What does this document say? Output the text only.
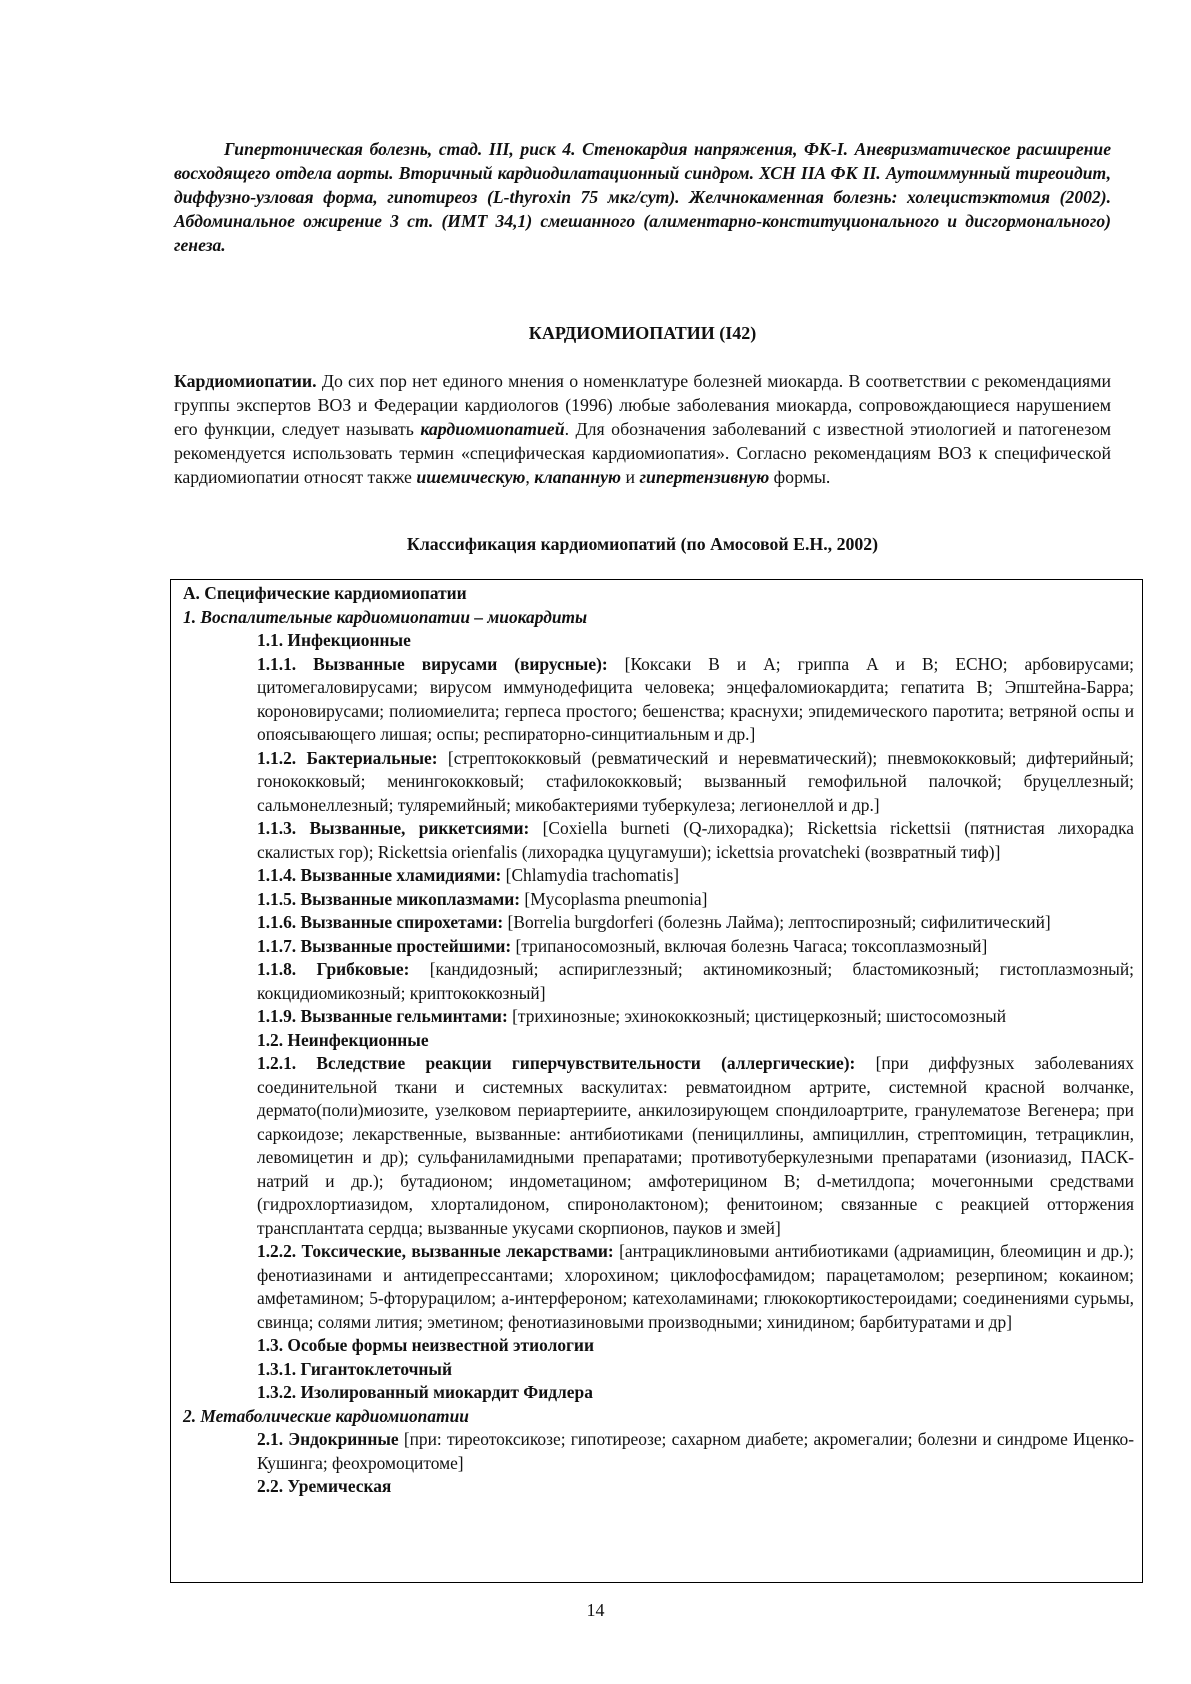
Гипертоническая болезнь, стад. III, риск 4. Стенокардия напряжения, ФК-I. Аневризматическое расширение восходящего отдела аорты. Вторичный кардиодилатационный синдром. ХСН IIA ФК II. Аутоиммунный тиреоидит, диффузно-узловая форма, гипотиреоз (L-thyroxin 75 мкг/сут). Желчнокаменная болезнь: холецистэктомия (2002). Абдоминальное ожирение 3 ст. (ИМТ 34,1) смешанного (алиментарно-конституционального и дисгормонального) генеза.

КАРДИОМИОПАТИИ (I42)

Кардиомиопатии. До сих пор нет единого мнения о номенклатуре болезней миокарда. В соответствии с рекомендациями группы экспертов ВОЗ и Федерации кардиологов (1996) любые заболевания миокарда, сопровождающиеся нарушением его функции, следует называть кардиомиопатией. Для обозначения заболеваний с известной этиологией и патогенезом рекомендуется использовать термин «специфическая кардиомиопатия». Согласно рекомендациям ВОЗ к специфической кардиомиопатии относят также ишемическую, клапанную и гипертензивную формы.

Классификация кардиомиопатий (по Амосовой Е.Н., 2002)

А. Специфические кардиомиопатии
1. Воспалительные кардиомиопатии – миокардиты
1.1. Инфекционные
1.1.1. Вызванные вирусами (вирусные): [Коксаки В и А; гриппа А и В; ЕСНО; арбовирусами; цитомегаловирусами; вирусом иммунодефицита человека; энцефаломиокардита; гепатита В; Эпштейна-Барра; короновирусами; полиомиелита; герпеса простого; бешенства; краснухи; эпидемического паротита; ветряной оспы и опоясывающего лишая; оспы; респираторно-синцитиальным и др.]
1.1.2. Бактериальные: [стрептококковый (ревматический и неревматический); пневмококковый; дифтерийный; гонококковый; менингококковый; стафилококковый; вызванный гемофильной палочкой; бруцеллезный; сальмонеллезный; туляремийный; микобактериями туберкулеза; легионеллой и др.]
1.1.3. Вызванные, риккетсиями: [Coxiella burneti (Q-лихорадка); Rickettsia rickettsii (пятнистая лихорадка скалистых гор); Rickettsia orienfalis (лихорадка цуцугамуши); ickettsia provatcheki (возвратный тиф)]
1.1.4. Вызванные хламидиями: [Chlamydia trachomatis]
1.1.5. Вызванные микоплазмами: [Mycoplasma pneumonia]
1.1.6. Вызванные спирохетами: [Borrelia burgdorferi (болезнь Лайма); лептоспирозный; сифилитический]
1.1.7. Вызванные простейшими: [трипаносомозный, включая болезнь Чагаса; токсоплазмозный]
1.1.8. Грибковые: [кандидозный; аспириглеззный; актиномикозный; бластомикозный; гистоплазмозный; кокцидиомикозный; криптококкозный]
1.1.9. Вызванные гельминтами: [трихинозные; эхинококкозный; цистицеркозный; шистосомозный
1.2. Неинфекционные
1.2.1. Вследствие реакции гиперчувствительности (аллергические): [при диффузных заболеваниях соединительной ткани и системных васкулитах: ревматоидном артрите, системной красной волчанке, дермато(поли)миозите, узелковом периартериите, анкилозирующем спондилоартрите, гранулематозе Вегенера; при саркоидозе; лекарственные, вызванные: антибиотиками (пенициллины, ампициллин, стрептомицин, тетрациклин, левомицетин и др); сульфаниламидными препаратами; противотуберкулезными препаратами (изониазид, ПАСК-натрий и др.); бутадионом; индометацином; амфотерицином В; d-метилдопа; мочегонными средствами (гидрохлортиазидом, хлорталидоном, спиронолактоном); фенитоином; связанные с реакцией отторжения трансплантата сердца; вызванные укусами скорпионов, пауков и змей]
1.2.2. Токсические, вызванные лекарствами: [антрациклиновыми антибиотиками (адриамицин, блеомицин и др.); фенотиазинами и антидепрессантами; хлорохином; циклофосфамидом; парацетамолом; резерпином; кокаином; амфетамином; 5-фторурацилом; а-интерфероном; катехоламинами; глюкокортикостероидами; соединениями сурьмы, свинца; солями лития; эметином; фенотиазиновыми производными; хинидином; барбитуратами и др]
1.3. Особые формы неизвестной этиологии
1.3.1. Гигантоклеточный
1.3.2. Изолированный миокардит Фидлера
2. Метаболические кардиомиопатии
2.1. Эндокринные [при: тиреотоксикозе; гипотиреозе; сахарном диабете; акромегалии; болезни и синдроме Иценко-Кушинга; феохромоцитоме]
2.2. Уремическая

14
